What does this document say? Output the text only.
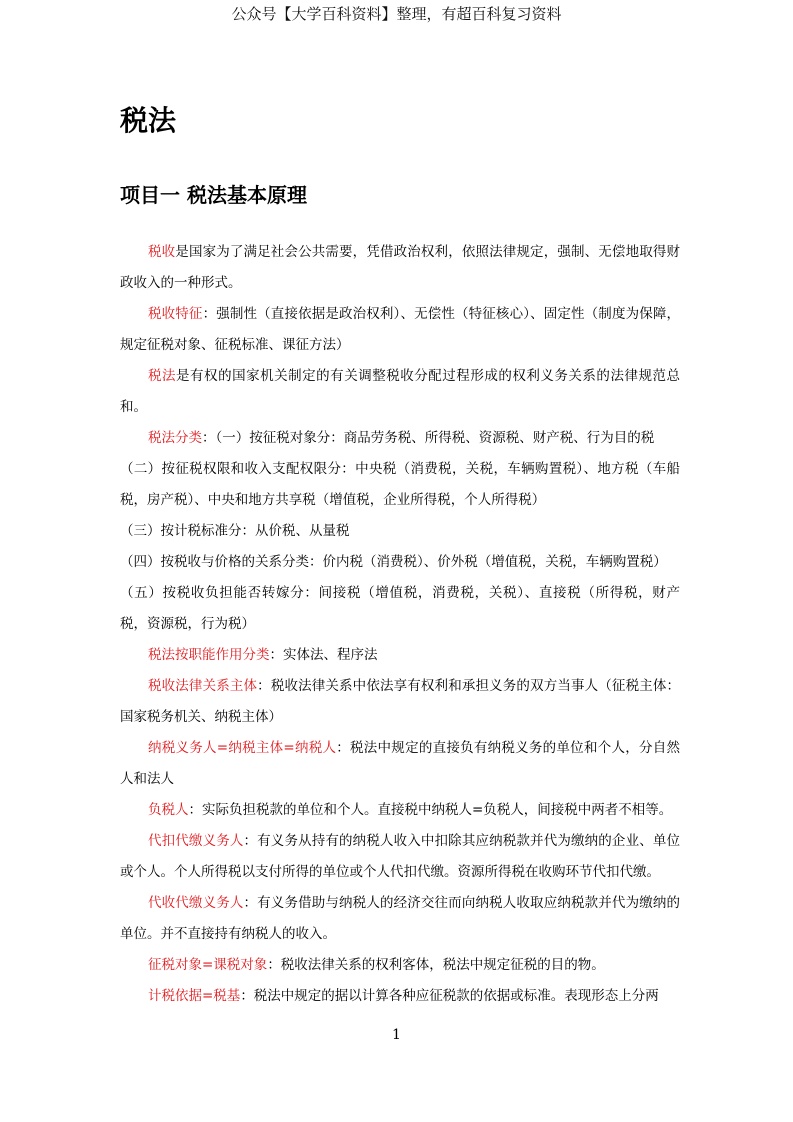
公众号【大学百科资料】整理，有超百科复习资料
税法
项目一 税法基本原理

税收是国家为了满足社会公共需要，凭借政治权利，依照法律规定，强制、无偿地取得财政收入的一种形式。

税收特征：强制性（直接依据是政治权利）、无偿性（特征核心）、固定性（制度为保障，规定征税对象、征税标准、课征方法）

税法是有权的国家机关制定的有关调整税收分配过程形成的权利义务关系的法律规范总和。

税法分类：（一）按征税对象分：商品劳务税、所得税、资源税、财产税、行为目的税

（二）按征税权限和收入支配权限分：中央税（消费税，关税，车辆购置税）、地方税（车船税，房产税）、中央和地方共享税（增值税，企业所得税，个人所得税）

（三）按计税标准分：从价税、从量税

（四）按税收与价格的关系分类：价内税（消费税）、价外税（增值税，关税，车辆购置税）

（五）按税收负担能否转嫁分：间接税（增值税，消费税，关税）、直接税（所得税，财产税，资源税，行为税）

税法按职能作用分类：实体法、程序法

税收法律关系主体：税收法律关系中依法享有权利和承担义务的双方当事人（征税主体：国家税务机关、纳税主体）

纳税义务人=纳税主体=纳税人：税法中规定的直接负有纳税义务的单位和个人，分自然人和法人

负税人：实际负担税款的单位和个人。直接税中纳税人=负税人，间接税中两者不相等。

代扣代缴义务人：有义务从持有的纳税人收入中扣除其应纳税款并代为缴纳的企业、单位或个人。个人所得税以支付所得的单位或个人代扣代缴。资源所得税在收购环节代扣代缴。

代收代缴义务人：有义务借助与纳税人的经济交往而向纳税人收取应纳税款并代为缴纳的单位。并不直接持有纳税人的收入。

征税对象=课税对象：税收法律关系的权利客体，税法中规定征税的目的物。

计税依据=税基：税法中规定的据以计算各种应征税款的依据或标准。表现形态上分两

1
